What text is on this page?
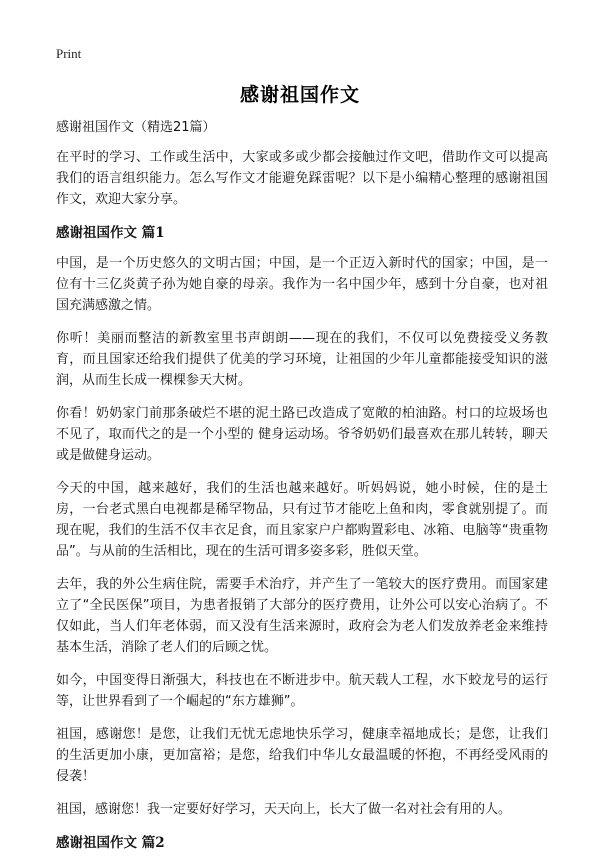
Print
感谢祖国作文

感谢祖国作文（精选21篇）

在平时的学习、工作或生活中，大家或多或少都会接触过作文吧，借助作文可以提高我们的语言组织能力。怎么写作文才能避免踩雷呢？以下是小编精心整理的感谢祖国作文，欢迎大家分享。

感谢祖国作文 篇1

中国，是一个历史悠久的文明古国；中国，是一个正迈入新时代的国家；中国，是一位有十三亿炎黄子孙为她自豪的母亲。我作为一名中国少年，感到十分自豪，也对祖国充满感激之情。

你听！美丽而整洁的新教室里书声朗朗——现在的我们，不仅可以免费接受义务教育，而且国家还给我们提供了优美的学习环境，让祖国的少年儿童都能接受知识的滋润，从而生长成一棵棵参天大树。

你看！奶奶家门前那条破烂不堪的泥土路已改造成了宽敞的柏油路。村口的垃圾场也不见了，取而代之的是一个小型的 健身运动场。爷爷奶奶们最喜欢在那儿转转，聊天或是做健身运动。

今天的中国，越来越好，我们的生活也越来越好。听妈妈说，她小时候，住的是土房，一台老式黑白电视都是稀罕物品，只有过节才能吃上鱼和肉，零食就别提了。而现在呢，我们的生活不仅丰衣足食，而且家家户户都购置彩电、冰箱、电脑等“贵重物品”。与从前的生活相比，现在的生活可谓多姿多彩，胜似天堂。

去年，我的外公生病住院，需要手术治疗，并产生了一笔较大的医疗费用。而国家建立了“全民医保”项目，为患者报销了大部分的医疗费用，让外公可以安心治病了。不仅如此，当人们年老体弱，而又没有生活来源时，政府会为老人们发放养老金来维持基本生活，消除了老人们的后顾之忧。

如今，中国变得日渐强大，科技也在不断进步中。航天载人工程，水下蛟龙号的运行等，让世界看到了一个崛起的“东方雄狮”。

祖国，感谢您！是您，让我们无忧无虑地快乐学习，健康幸福地成长；是您，让我们的生活更加小康，更加富裕；是您，给我们中华儿女最温暖的怀抱，不再经受风雨的侵袭！

祖国，感谢您！我一定要好好学习，天天向上，长大了做一名对社会有用的人。

感谢祖国作文 篇2
